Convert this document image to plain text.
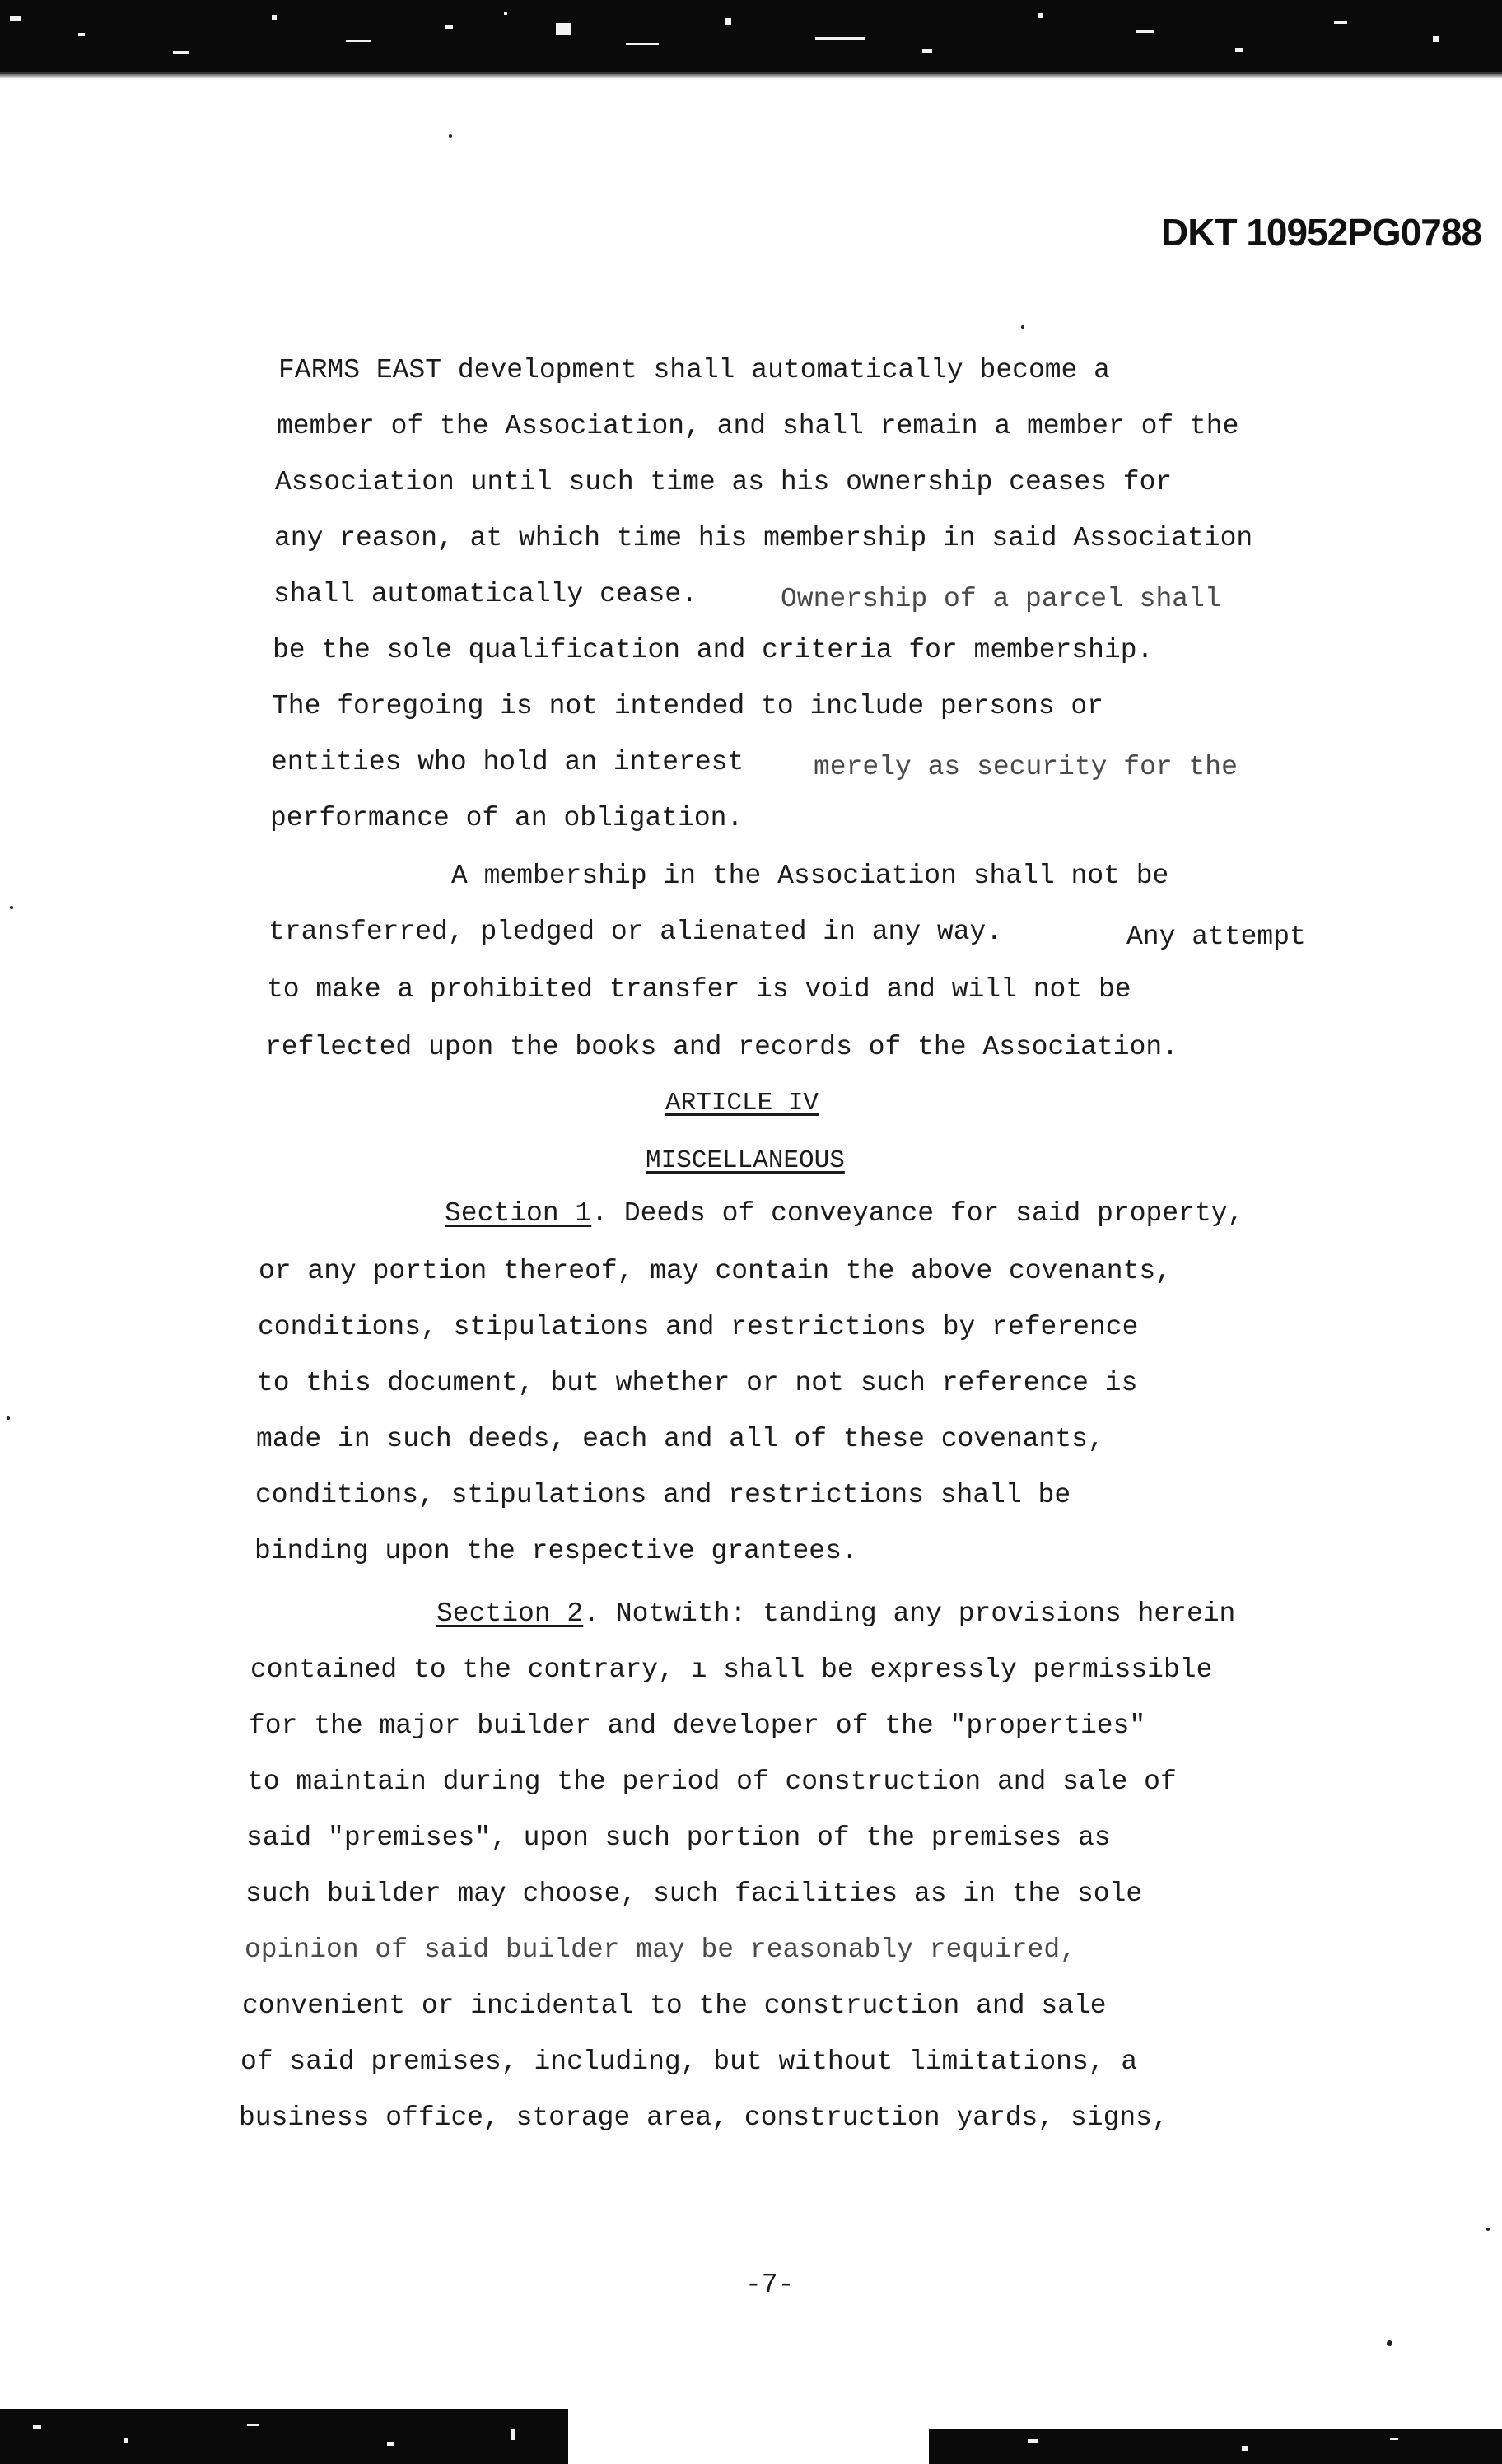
DKT 10952PG0788
FARMS EAST development shall automatically become a
member of the Association, and shall remain a member of the
Association until such time as his ownership ceases for
any reason, at which time his membership in said Association
shall automatically cease.	Ownership of a parcel shall
be the sole qualification and criteria for membership.
The foregoing is not intended to include persons or
entities who hold an interest	merely as security for the
performance of an obligation.
A membership in the Association shall not be
transferred, pledged or alienated in any way.	Any attempt
to make a prohibited transfer is void and will not be
reflected upon the books and records of the Association.
ARTICLE IV
MISCELLANEOUS
Section 1. Deeds of conveyance for said property,
or any portion thereof, may contain the above covenants,
conditions, stipulations and restrictions by reference
to this document, but whether or not such reference is
made in such deeds, each and all of these covenants,
conditions, stipulations and restrictions shall be
binding upon the respective grantees.
Section 2. Notwith: tanding any provisions herein
contained to the contrary, ı shall be expressly permissible
for the major builder and developer of the "properties"
to maintain during the period of construction and sale of
said "premises", upon such portion of the premises as
such builder may choose, such facilities as in the sole
opinion of said builder may be reasonably required,
convenient or incidental to the construction and sale
of said premises, including, but without limitations, a
business office, storage area, construction yards, signs,
-7-
